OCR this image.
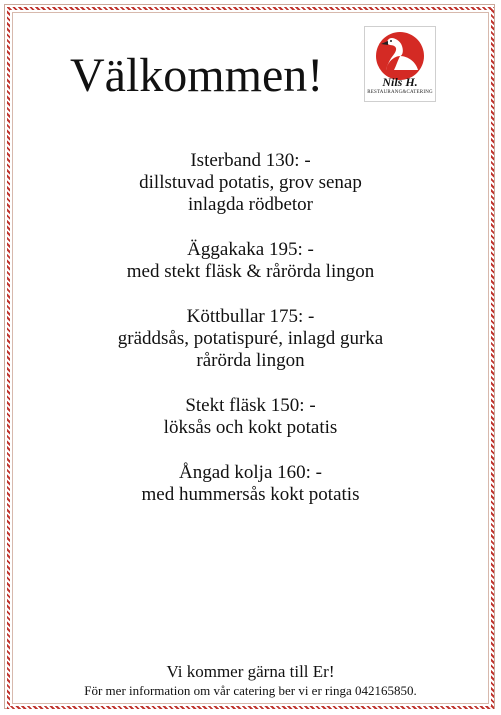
Välkommen!	Nils H.
RESTAURANG&CATERING
Isterband 130: -
dillstuvad potatis, grov senap
inlagda rödbetor
Äggakaka 195: -
med stekt fläsk & rårörda lingon
Köttbullar 175: -
gräddsås, potatispuré, inlagd gurka
rårörda lingon
Stekt fläsk 150: -
löksås och kokt potatis
Ångad kolja 160: -
med hummersås kokt potatis
Vi kommer gärna till Er!
För mer information om vår catering ber vi er ringa 042165850.
